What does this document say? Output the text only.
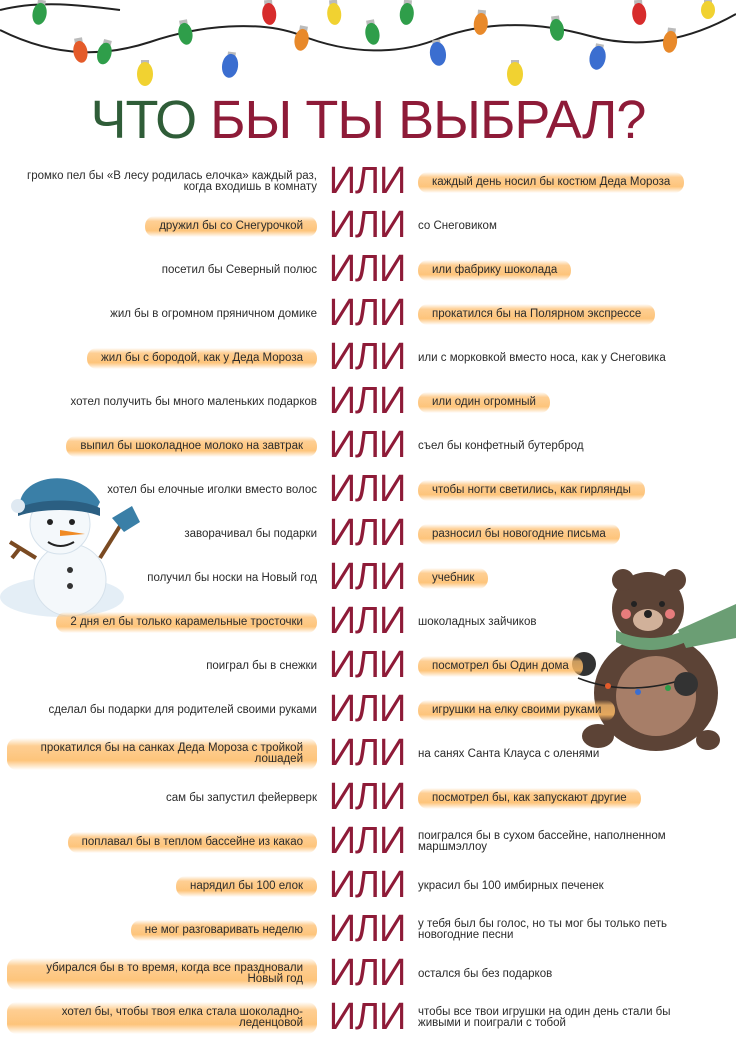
ЧТО БЫ ТЫ ВЫБРАЛ?
громко пел бы «В лесу родилась елочка» каждый раз, когда входишь в комнату ИЛИ	каждый день носил бы костюм Деда Мороза
дружил бы со Снегурочкой ИЛИ со Снеговиком
посетил бы Северный полюс ИЛИ	или фабрику шоколада
жил бы в огромном пряничном домике ИЛИ	прокатился бы на Полярном экспрессе
жил бы с бородой, как у Деда Мороза ИЛИ или с морковкой вместо носа, как у Снеговика
хотел получить бы много маленьких подарков ИЛИ	или один огромный
выпил бы шоколадное молоко на завтрак ИЛИ съел бы конфетный бутерброд
хотел бы елочные иголки вместо волос ИЛИ	чтобы ногти светились, как гирлянды
заворачивал бы подарки ИЛИ	разносил бы новогодние письма
получил бы носки на Новый год ИЛИ	учебник
2 дня ел бы только карамельные тросточки ИЛИ шоколадных зайчиков
поиграл бы в снежки ИЛИ	посмотрел бы Один дома
сделал бы подарки для родителей своими руками ИЛИ	игрушки на елку своими руками
прокатился бы на санках Деда Мороза с тройкой лошадей ИЛИ на санях Санта Клауса с оленями
сам бы запустил фейерверк ИЛИ	посмотрел бы, как запускают другие
поплавал бы в теплом бассейне из какао ИЛИ поигрался бы в сухом бассейне, наполненном маршмэллоу
нарядил бы 100 елок ИЛИ украсил бы 100 имбирных печенек
не мог разговаривать неделю ИЛИ у тебя был бы голос, но ты мог бы только петь новогодние песни
убирался бы в то время, когда все праздновали Новый год ИЛИ остался бы без подарков
хотел бы, чтобы твоя елка стала шоколадно-леденцовой ИЛИ чтобы все твои игрушки на один день стали бы живыми и поиграли с тобой
